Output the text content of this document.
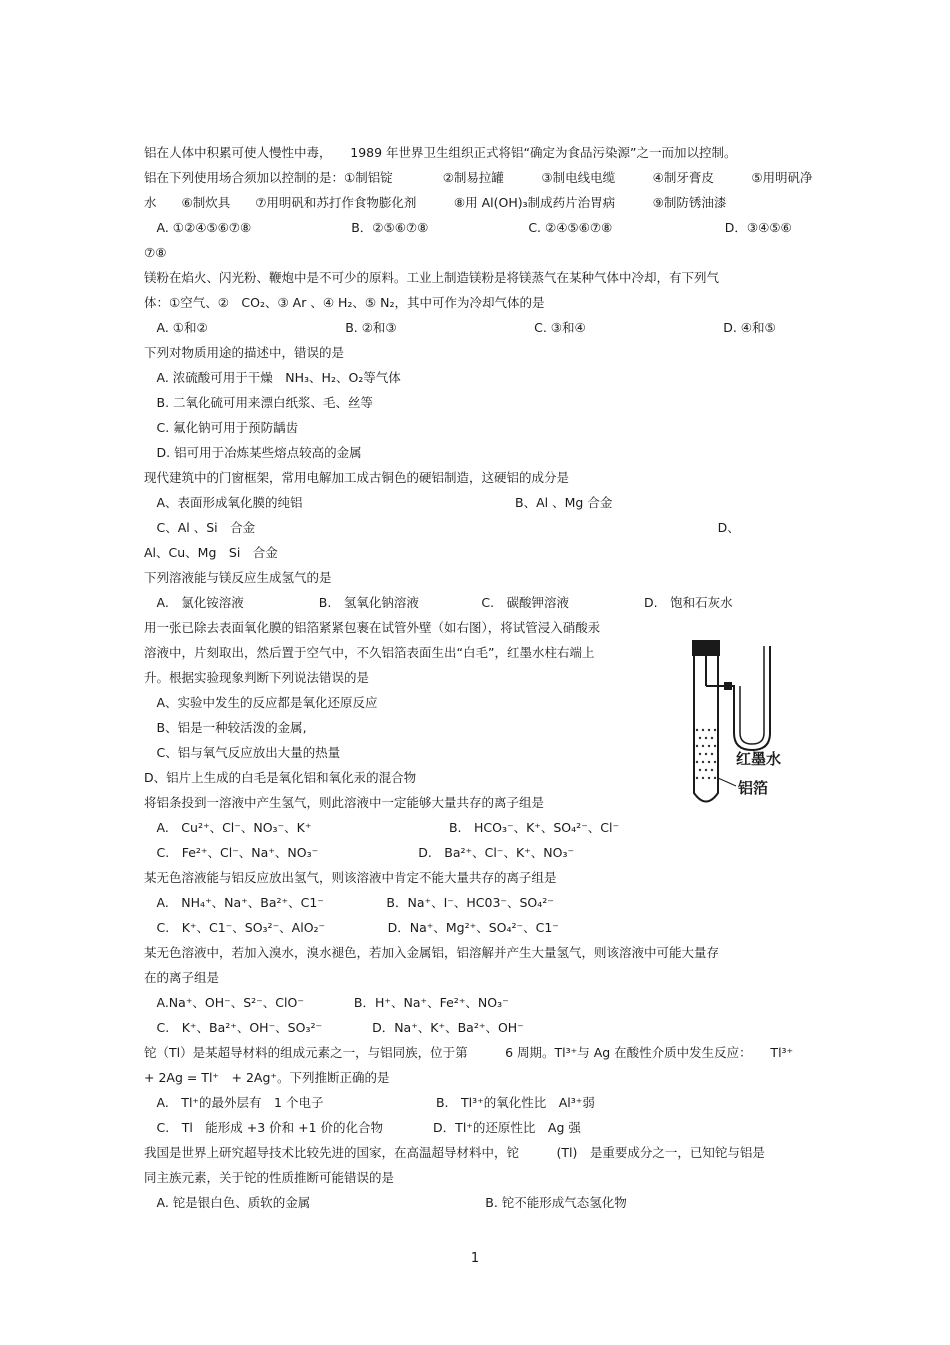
铝在人体中积累可使人慢性中毒，　　1989 年世界卫生组织正式将铝“确定为食品污染源”之一而加以控制。
铝在下列使用场合须加以控制的是：①制铝锭　　　　②制易拉罐　　　③制电线电缆　　　④制牙膏皮　　　⑤用明矾净
水　　⑥制炊具　　⑦用明矾和苏打作食物膨化剂　　　⑧用 Al(OH)₃制成药片治胃病　　　⑨制防锈油漆
　A. ①②④⑤⑥⑦⑧　　　　　　　　B．②⑤⑥⑦⑧　　　　　　　　C. ②④⑤⑥⑦⑧　　　　　　　　　D．③④⑤⑥
⑦⑧
镁粉在焰火、闪光粉、鞭炮中是不可少的原料。工业上制造镁粉是将镁蒸气在某种气体中冷却，有下列气
体：①空气、②　CO₂、③ Ar 、④ H₂、⑤ N₂，其中可作为冷却气体的是
　A. ①和②　　　　　　　　　　　B. ②和③　　　　　　　　　　　C. ③和④　　　　　　　　　　　D. ④和⑤
下列对物质用途的描述中，错误的是
　A. 浓硫酸可用于干燥　NH₃、H₂、O₂等气体
　B. 二氧化硫可用来漂白纸浆、毛、丝等
　C. 氟化钠可用于预防龋齿
　D. 铝可用于冶炼某些熔点较高的金属
现代建筑中的门窗框架，常用电解加工成古铜色的硬铝制造，这硬铝的成分是
　A、表面形成氧化膜的纯铝　　　　　　　　　　　　　　　　　B、Al 、Mg 合金
　C、Al 、Si　合金　　　　　　　　　　　　　　　　　　　　　　　　　　　　　　　　　　　　　D、
Al、Cu、Mg　Si　合金
下列溶液能与镁反应生成氢气的是
　A.　氯化铵溶液　　　　　　B.　氢氧化钠溶液　　　　　C.　碳酸钾溶液　　　　　　D.　饱和石灰水
用一张已除去表面氧化膜的铝箔紧紧包裹在试管外壁（如右图），将试管浸入硝酸汞
溶液中，片刻取出，然后置于空气中，不久铝箔表面生出“白毛”，红墨水柱右端上
升。根据实验现象判断下列说法错误的是
　A、实验中发生的反应都是氧化还原反应
　B、铝是一种较活泼的金属,
　C、铝与氧气反应放出大量的热量
D、铝片上生成的白毛是氧化铝和氧化汞的混合物
将铝条投到一溶液中产生氢气，则此溶液中一定能够大量共存的离子组是
　A.　Cu²⁺、Cl⁻、NO₃⁻、K⁺　　　　　　　　　　　B.　HCO₃⁻、K⁺、SO₄²⁻、Cl⁻
　C.　Fe²⁺、Cl⁻、Na⁺、NO₃⁻　　　　　　　　D.　Ba²⁺、Cl⁻、K⁺、NO₃⁻
某无色溶液能与铝反应放出氢气，则该溶液中肯定不能大量共存的离子组是
　A.　NH₄⁺、Na⁺、Ba²⁺、C1⁻　　　　　B．Na⁺、I⁻、HC03⁻、SO₄²⁻
　C.　K⁺、C1⁻、SO₃²⁻、AlO₂⁻　　　　　D．Na⁺、Mg²⁺、SO₄²⁻、C1⁻
某无色溶液中，若加入溴水，溴水褪色，若加入金属铝，铝溶解并产生大量氢气，则该溶液中可能大量存
在的离子组是
　A.Na⁺、OH⁻、S²⁻、ClO⁻　　　　B．H⁺、Na⁺、Fe²⁺、NO₃⁻
　C.　K⁺、Ba²⁺、OH⁻、SO₃²⁻　　　　D．Na⁺、K⁺、Ba²⁺、OH⁻
铊（Tl）是某超导材料的组成元素之一，与铝同族，位于第　　　6 周期。Tl³⁺与 Ag 在酸性介质中发生反应：　　Tl³⁺
+ 2Ag = Tl⁺　+ 2Ag⁺。下列推断正确的是
　A.　Tl⁺的最外层有　1 个电子　　　　　　　　　B.　Tl³⁺的氧化性比　Al³⁺弱
　C.　Tl　能形成 +3 价和 +1 价的化合物　　　　D．Tl⁺的还原性比　Ag 强
我国是世界上研究超导技术比较先进的国家，在高温超导材料中，铊　　　(Tl)　是重要成分之一，已知铊与铝是
同主族元素，关于铊的性质推断可能错误的是
　A. 铊是银白色、质软的金属　　　　　　　　　　　　　　B. 铊不能形成气态氢化物
红墨水
铝箔
1
